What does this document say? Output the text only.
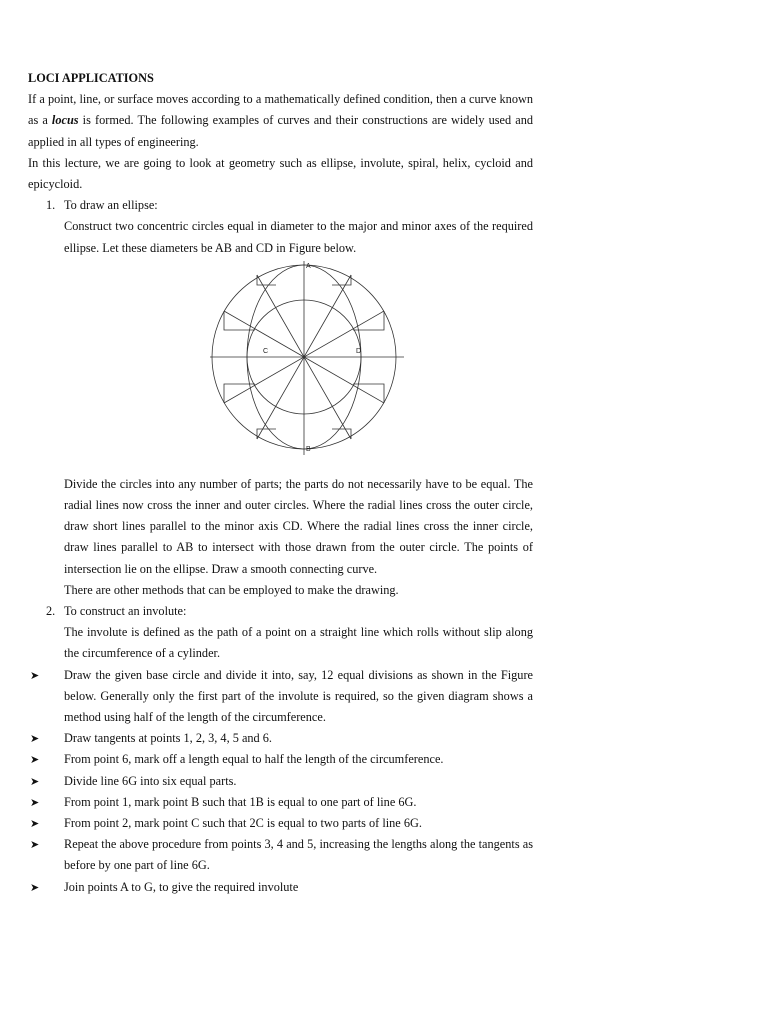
LOCI APPLICATIONS

If a point, line, or surface moves according to a mathematically defined condition, then a curve known as a locus is formed. The following examples of curves and their constructions are widely used and applied in all types of engineering.

In this lecture, we are going to look at geometry such as ellipse, involute, spiral, helix, cycloid and epicycloid.

1. To draw an ellipse:

Construct two concentric circles equal in diameter to the major and minor axes of the required ellipse. Let these diameters be AB and CD in Figure below.

A
B
C	D

Divide the circles into any number of parts; the parts do not necessarily have to be equal. The radial lines now cross the inner and outer circles. Where the radial lines cross the outer circle, draw short lines parallel to the minor axis CD. Where the radial lines cross the inner circle, draw lines parallel to AB to intersect with those drawn from the outer circle. The points of intersection lie on the ellipse. Draw a smooth connecting curve.

There are other methods that can be employed to make the drawing.

2. To construct an involute:

The involute is defined as the path of a point on a straight line which rolls without slip along the circumference of a cylinder.

➤ Draw the given base circle and divide it into, say, 12 equal divisions as shown in the Figure below. Generally only the first part of the involute is required, so the given diagram shows a method using half of the length of the circumference.
➤ Draw tangents at points 1, 2, 3, 4, 5 and 6.
➤ From point 6, mark off a length equal to half the length of the circumference.
➤ Divide line 6G into six equal parts.
➤ From point 1, mark point B such that 1B is equal to one part of line 6G.
➤ From point 2, mark point C such that 2C is equal to two parts of line 6G.
➤ Repeat the above procedure from points 3, 4 and 5, increasing the lengths along the tangents as before by one part of line 6G.
➤ Join points A to G, to give the required involute
